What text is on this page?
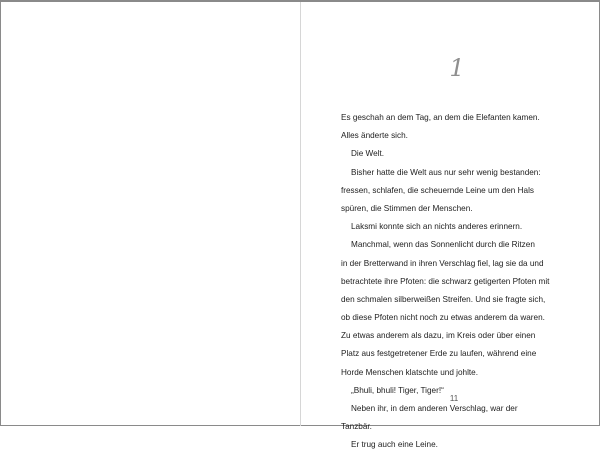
1
Es geschah an dem Tag, an dem die Elefanten kamen.
Alles änderte sich.
Die Welt.
Bisher hatte die Welt aus nur sehr wenig bestanden:
fressen, schlafen, die scheuernde Leine um den Hals
spüren, die Stimmen der Menschen.
Laksmi konnte sich an nichts anderes erinnern.
Manchmal, wenn das Sonnenlicht durch die Ritzen
in der Bretterwand in ihren Verschlag fiel, lag sie da und
betrachtete ihre Pfoten: die schwarz getigerten Pfoten mit
den schmalen silberweißen Streifen. Und sie fragte sich,
ob diese Pfoten nicht noch zu etwas anderem da waren.
Zu etwas anderem als dazu, im Kreis oder über einen
Platz aus festgetretener Erde zu laufen, während eine
Horde Menschen klatschte und johlte.
„Bhuli, bhuli! Tiger, Tiger!“
Neben ihr, in dem anderen Verschlag, war der
Tanzbär.
Er trug auch eine Leine.
11
